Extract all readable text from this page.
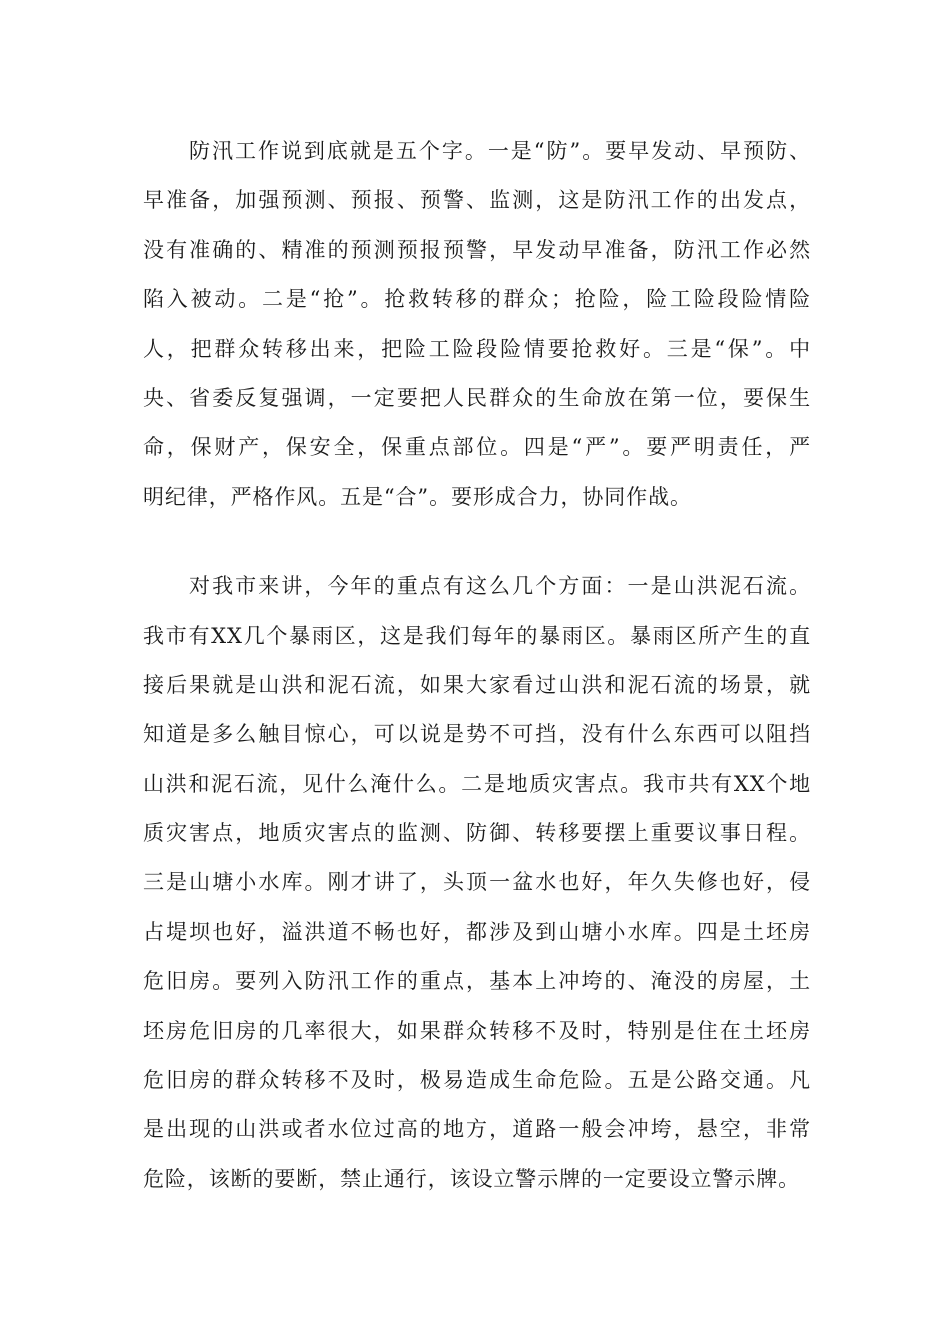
防汛工作说到底就是五个字。一是“防”。要早发动、早预防、
早准备，加强预测、预报、预警、监测，这是防汛工作的出发点，
没有准确的、精准的预测预报预警，早发动早准备，防汛工作必然
陷入被动。二是“抢”。抢救转移的群众；抢险，险工险段险情险
人，把群众转移出来，把险工险段险情要抢救好。三是“保”。中
央、省委反复强调，一定要把人民群众的生命放在第一位，要保生
命，保财产，保安全，保重点部位。四是“严”。要严明责任，严
明纪律，严格作风。五是“合”。要形成合力，协同作战。
对我市来讲，今年的重点有这么几个方面：一是山洪泥石流。
我市有XX几个暴雨区，这是我们每年的暴雨区。暴雨区所产生的直
接后果就是山洪和泥石流，如果大家看过山洪和泥石流的场景，就
知道是多么触目惊心，可以说是势不可挡，没有什么东西可以阻挡
山洪和泥石流，见什么淹什么。二是地质灾害点。我市共有XX个地
质灾害点，地质灾害点的监测、防御、转移要摆上重要议事日程。
三是山塘小水库。刚才讲了，头顶一盆水也好，年久失修也好，侵
占堤坝也好，溢洪道不畅也好，都涉及到山塘小水库。四是土坯房
危旧房。要列入防汛工作的重点，基本上冲垮的、淹没的房屋，土
坯房危旧房的几率很大，如果群众转移不及时，特别是住在土坯房
危旧房的群众转移不及时，极易造成生命危险。五是公路交通。凡
是出现的山洪或者水位过高的地方，道路一般会冲垮，悬空，非常
危险，该断的要断，禁止通行，该设立警示牌的一定要设立警示牌。
